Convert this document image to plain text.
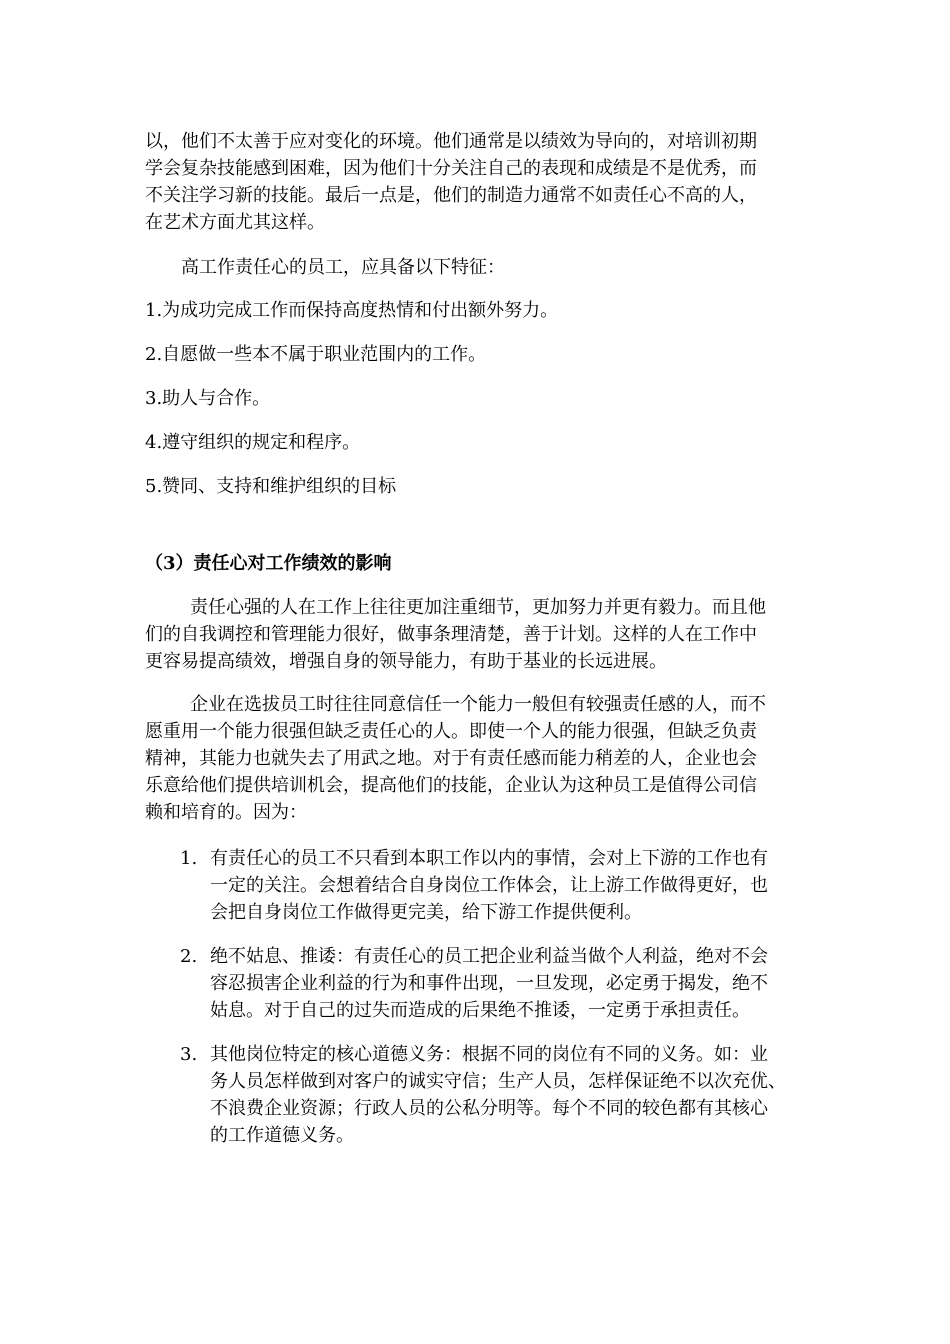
以，他们不太善于应对变化的环境。他们通常是以绩效为导向的，对培训初期
学会复杂技能感到困难，因为他们十分关注自己的表现和成绩是不是优秀，而
不关注学习新的技能。最后一点是，他们的制造力通常不如责任心不高的人，
在艺术方面尤其这样。
高工作责任心的员工，应具备以下特征：
1.为成功完成工作而保持高度热情和付出额外努力。
2.自愿做一些本不属于职业范围内的工作。
3.助人与合作。
4.遵守组织的规定和程序。
5.赞同、支持和维护组织的目标
（3）责任心对工作绩效的影响
责任心强的人在工作上往往更加注重细节，更加努力并更有毅力。而且他
们的自我调控和管理能力很好，做事条理清楚，善于计划。这样的人在工作中
更容易提高绩效，增强自身的领导能力，有助于基业的长远进展。
企业在选拔员工时往往同意信任一个能力一般但有较强责任感的人，而不
愿重用一个能力很强但缺乏责任心的人。即使一个人的能力很强，但缺乏负责
精神，其能力也就失去了用武之地。对于有责任感而能力稍差的人，企业也会
乐意给他们提供培训机会，提高他们的技能，企业认为这种员工是值得公司信
赖和培育的。因为：
1. 有责任心的员工不只看到本职工作以内的事情，会对上下游的工作也有
一定的关注。会想着结合自身岗位工作体会，让上游工作做得更好，也
会把自身岗位工作做得更完美，给下游工作提供便利。
2. 绝不姑息、推诿：有责任心的员工把企业利益当做个人利益，绝对不会
容忍损害企业利益的行为和事件出现，一旦发现，必定勇于揭发，绝不
姑息。对于自己的过失而造成的后果绝不推诿，一定勇于承担责任。
3. 其他岗位特定的核心道德义务：根据不同的岗位有不同的义务。如：业
务人员怎样做到对客户的诚实守信；生产人员，怎样保证绝不以次充优、
不浪费企业资源；行政人员的公私分明等。每个不同的较色都有其核心
的工作道德义务。
